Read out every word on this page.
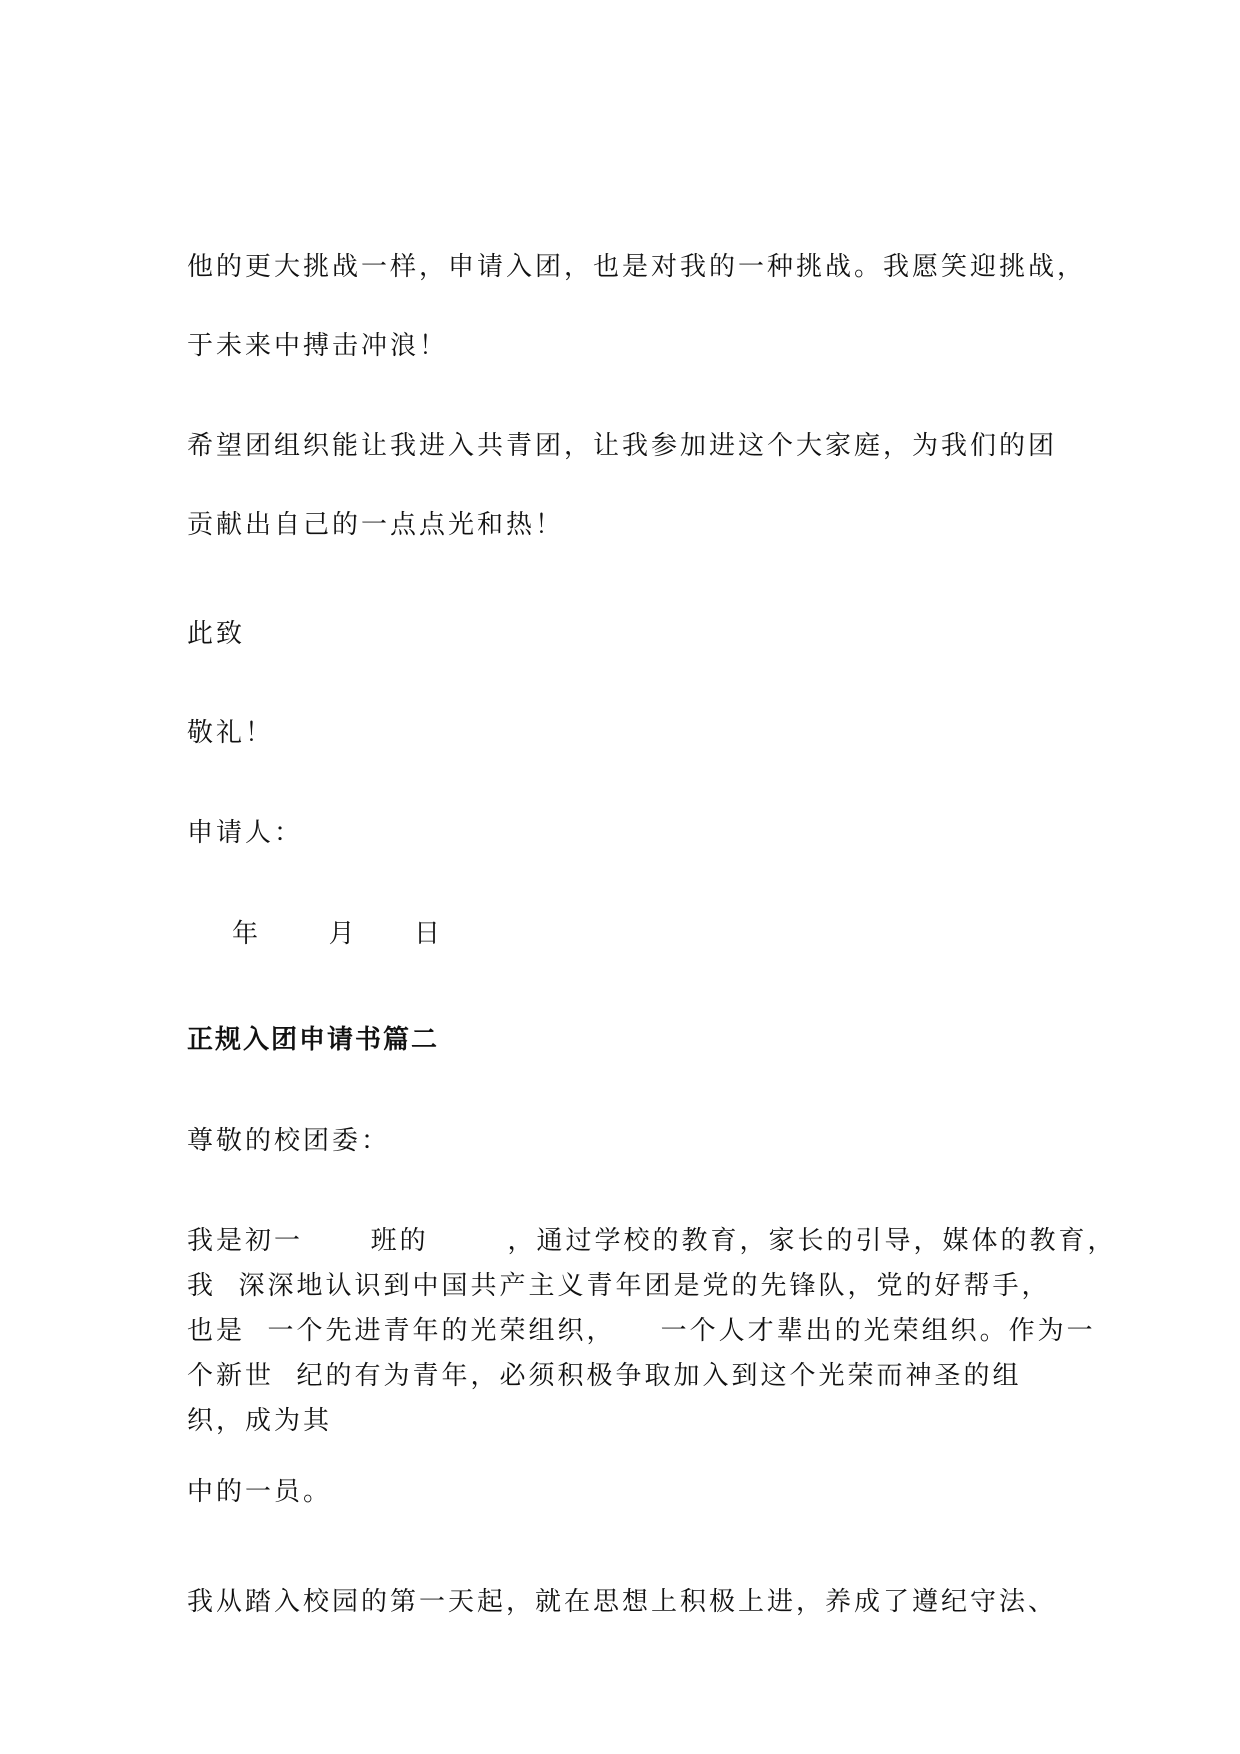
他的更大挑战一样，申请入团，也是对我的一种挑战。我愿笑迎挑战，

于未来中搏击冲浪！

希望团组织能让我进入共青团，让我参加进这个大家庭，为我们的团

贡献出自己的一点点光和热！

此致

敬礼！

申请人：

年      月     日

正规入团申请书篇二

尊敬的校团委：

我是初一      班的       ，通过学校的教育，家长的引导，媒体的教育，

我  深深地认识到中国共产主义青年团是党的先锋队，党的好帮手，

也是  一个先进青年的光荣组织，    一个人才辈出的光荣组织。作为一

个新世  纪的有为青年，必须积极争取加入到这个光荣而神圣的组

织，成为其

中的一员。

我从踏入校园的第一天起，就在思想上积极上进，养成了遵纪守法、
